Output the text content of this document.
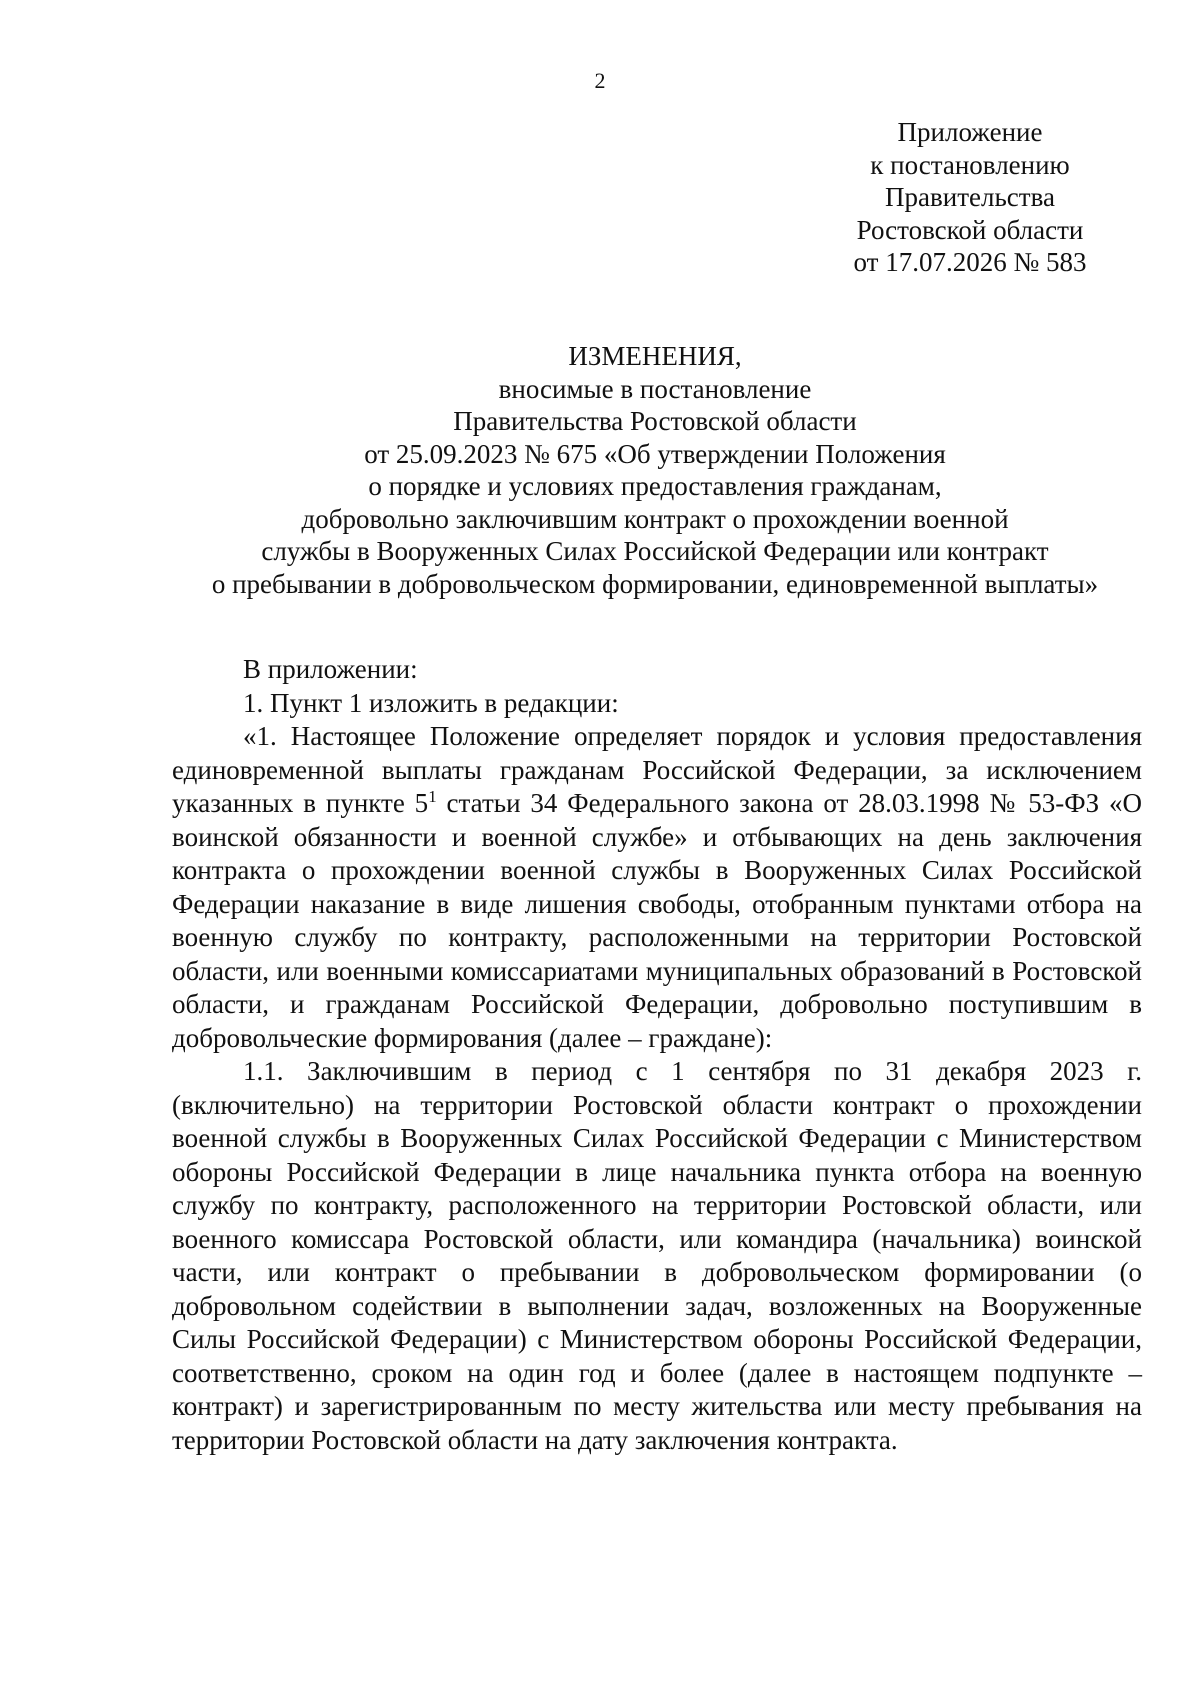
2
Приложение
к постановлению
Правительства
Ростовской области
от 17.07.2026 № 583
ИЗМЕНЕНИЯ,
вносимые в постановление
Правительства Ростовской области
от 25.09.2023 № 675 «Об утверждении Положения
о порядке и условиях предоставления гражданам,
добровольно заключившим контракт о прохождении военной
службы в Вооруженных Силах Российской Федерации или контракт
о пребывании в добровольческом формировании, единовременной выплаты»

В приложении:

1. Пункт 1 изложить в редакции:

«1. Настоящее Положение определяет порядок и условия предоставления единовременной выплаты гражданам Российской Федерации, за исключением указанных в пункте $5^1$ статьи 34 Федерального закона от 28.03.1998 № 53-ФЗ «О воинской обязанности и военной службе» и отбывающих на день заключения контракта о прохождении военной службы в Вооруженных Силах Российской Федерации наказание в виде лишения свободы, отобранным пунктами отбора на военную службу по контракту, расположенными на территории Ростовской области, или военными комиссариатами муниципальных образований в Ростовской области, и гражданам Российской Федерации, добровольно поступившим в добровольческие формирования (далее – граждане):

1.1. Заключившим в период с 1 сентября по 31 декабря 2023 г. (включительно) на территории Ростовской области контракт о прохождении военной службы в Вооруженных Силах Российской Федерации с Министерством обороны Российской Федерации в лице начальника пункта отбора на военную службу по контракту, расположенного на территории Ростовской области, или военного комиссара Ростовской области, или командира (начальника) воинской части, или контракт о пребывании в добровольческом формировании (о добровольном содействии в выполнении задач, возложенных на Вооруженные Силы Российской Федерации) с Министерством обороны Российской Федерации, соответственно, сроком на один год и более (далее в настоящем подпункте – контракт) и зарегистрированным по месту жительства или месту пребывания на территории Ростовской области на дату заключения контракта.
